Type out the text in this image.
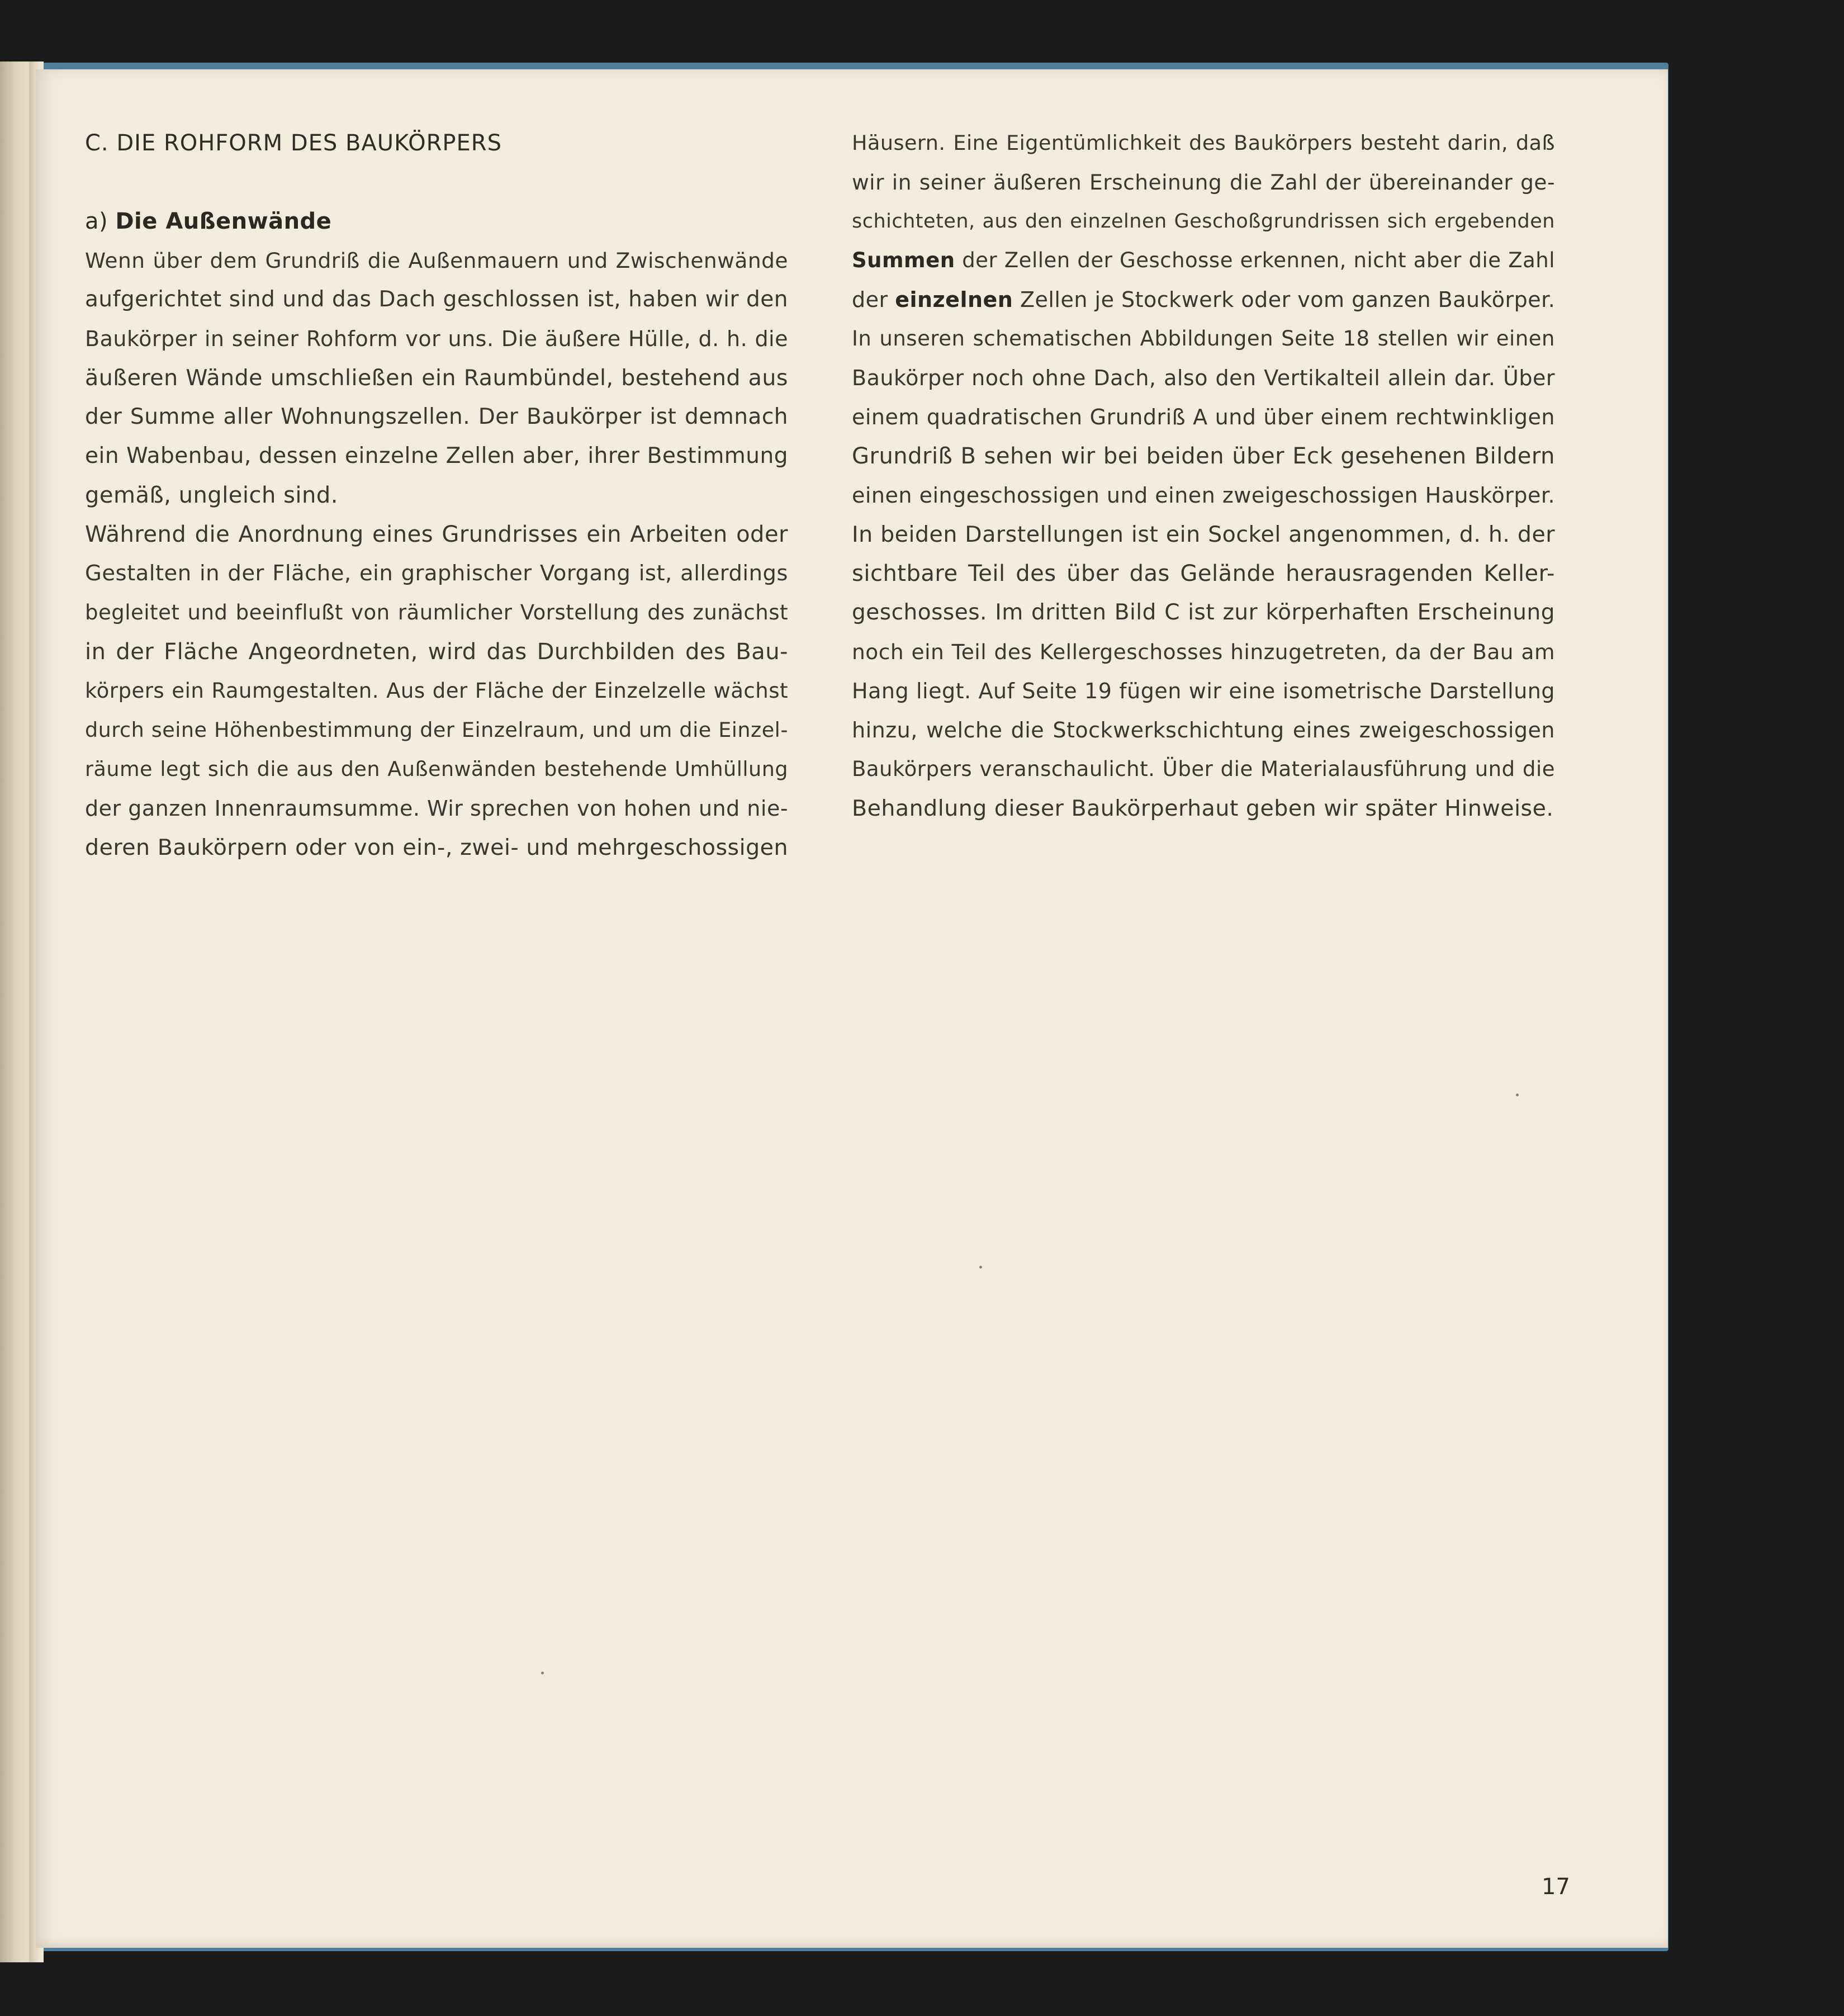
C. DIE ROHFORM DES BAUKÖRPERS
a) Die Außenwände
Wenn über dem Grundriß die Außenmauern und Zwischenwände
aufgerichtet sind und das Dach geschlossen ist, haben wir den
Baukörper in seiner Rohform vor uns. Die äußere Hülle, d. h. die
äußeren Wände umschließen ein Raumbündel, bestehend aus
der Summe aller Wohnungszellen. Der Baukörper ist demnach
ein Wabenbau, dessen einzelne Zellen aber, ihrer Bestimmung
gemäß, ungleich sind.
Während die Anordnung eines Grundrisses ein Arbeiten oder
Gestalten in der Fläche, ein graphischer Vorgang ist, allerdings
begleitet und beeinflußt von räumlicher Vorstellung des zunächst
in der Fläche Angeordneten, wird das Durchbilden des Bau-
körpers ein Raumgestalten. Aus der Fläche der Einzelzelle wächst
durch seine Höhenbestimmung der Einzelraum, und um die Einzel-
räume legt sich die aus den Außenwänden bestehende Umhüllung
der ganzen Innenraumsumme. Wir sprechen von hohen und nie-
deren Baukörpern oder von ein-, zwei- und mehrgeschossigen
Häusern. Eine Eigentümlichkeit des Baukörpers besteht darin, daß
wir in seiner äußeren Erscheinung die Zahl der übereinander ge-
schichteten, aus den einzelnen Geschoßgrundrissen sich ergebenden
Summen der Zellen der Geschosse erkennen, nicht aber die Zahl
der einzelnen Zellen je Stockwerk oder vom ganzen Baukörper.
In unseren schematischen Abbildungen Seite 18 stellen wir einen
Baukörper noch ohne Dach, also den Vertikalteil allein dar. Über
einem quadratischen Grundriß A und über einem rechtwinkligen
Grundriß B sehen wir bei beiden über Eck gesehenen Bildern
einen eingeschossigen und einen zweigeschossigen Hauskörper.
In beiden Darstellungen ist ein Sockel angenommen, d. h. der
sichtbare Teil des über das Gelände herausragenden Keller-
geschosses. Im dritten Bild C ist zur körperhaften Erscheinung
noch ein Teil des Kellergeschosses hinzugetreten, da der Bau am
Hang liegt. Auf Seite 19 fügen wir eine isometrische Darstellung
hinzu, welche die Stockwerkschichtung eines zweigeschossigen
Baukörpers veranschaulicht. Über die Materialausführung und die
Behandlung dieser Baukörperhaut geben wir später Hinweise.
17
